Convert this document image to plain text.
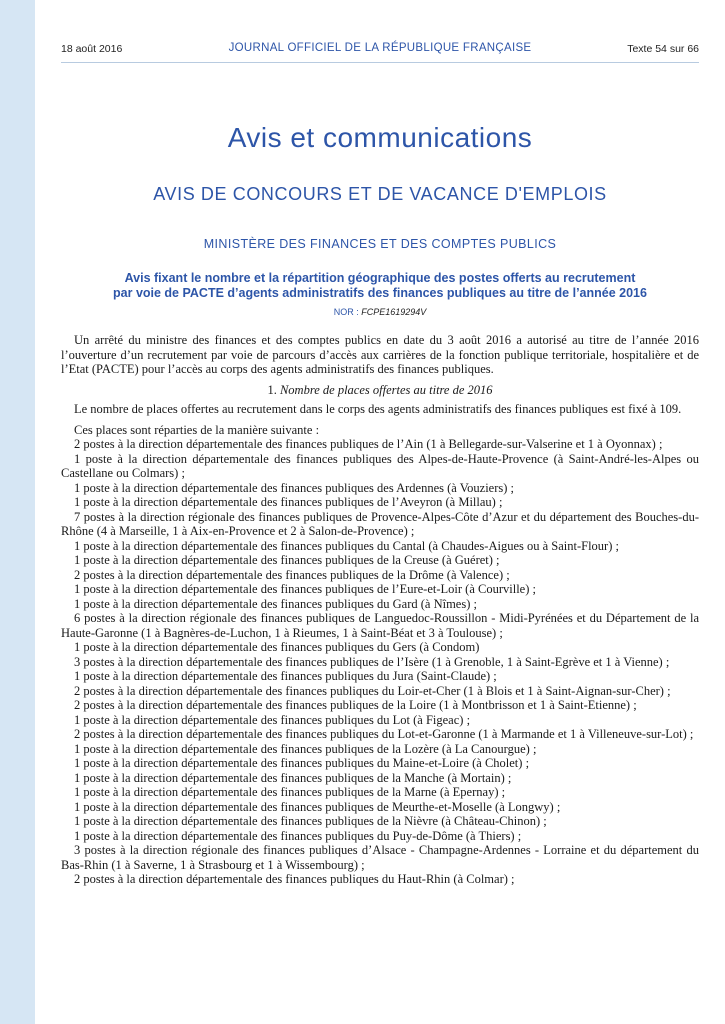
18 août 2016	JOURNAL OFFICIEL DE LA RÉPUBLIQUE FRANÇAISE	Texte 54 sur 66
Avis et communications
AVIS DE CONCOURS ET DE VACANCE D'EMPLOIS
MINISTÈRE DES FINANCES ET DES COMPTES PUBLICS
Avis fixant le nombre et la répartition géographique des postes offerts au recrutement
par voie de PACTE d’agents administratifs des finances publiques au titre de l’année 2016
NOR : FCPE1619294V

Un arrêté du ministre des finances et des comptes publics en date du 3 août 2016 a autorisé au titre de l’année 2016 l’ouverture d’un recrutement par voie de parcours d’accès aux carrières de la fonction publique territoriale, hospitalière et de l’Etat (PACTE) pour l’accès au corps des agents administratifs des finances publiques.

1. Nombre de places offertes au titre de 2016

Le nombre de places offertes au recrutement dans le corps des agents administratifs des finances publiques est fixé à 109.

Ces places sont réparties de la manière suivante :

2 postes à la direction départementale des finances publiques de l’Ain (1 à Bellegarde-sur-Valserine et 1 à Oyonnax) ;

1 poste à la direction départementale des finances publiques des Alpes-de-Haute-Provence (à Saint-André-les-Alpes ou Castellane ou Colmars) ;

1 poste à la direction départementale des finances publiques des Ardennes (à Vouziers) ;

1 poste à la direction départementale des finances publiques de l’Aveyron (à Millau) ;

7 postes à la direction régionale des finances publiques de Provence-Alpes-Côte d’Azur et du département des Bouches-du-Rhône (4 à Marseille, 1 à Aix-en-Provence et 2 à Salon-de-Provence) ;

1 poste à la direction départementale des finances publiques du Cantal (à Chaudes-Aigues ou à Saint-Flour) ;

1 poste à la direction départementale des finances publiques de la Creuse (à Guéret) ;

2 postes à la direction départementale des finances publiques de la Drôme (à Valence) ;

1 poste à la direction départementale des finances publiques de l’Eure-et-Loir (à Courville) ;

1 poste à la direction départementale des finances publiques du Gard (à Nîmes) ;

6 postes à la direction régionale des finances publiques de Languedoc-Roussillon - Midi-Pyrénées et du Département de la Haute-Garonne (1 à Bagnères-de-Luchon, 1 à Rieumes, 1 à Saint-Béat et 3 à Toulouse) ;

1 poste à la direction départementale des finances publiques du Gers (à Condom)

3 postes à la direction départementale des finances publiques de l’Isère (1 à Grenoble, 1 à Saint-Egrève et 1 à Vienne) ;

1 poste à la direction départementale des finances publiques du Jura (Saint-Claude) ;

2 postes à la direction départementale des finances publiques du Loir-et-Cher (1 à Blois et 1 à Saint-Aignan-sur-Cher) ;

2 postes à la direction départementale des finances publiques de la Loire (1 à Montbrisson et 1 à Saint-Etienne) ;

1 poste à la direction départementale des finances publiques du Lot (à Figeac) ;

2 postes à la direction départementale des finances publiques du Lot-et-Garonne (1 à Marmande et 1 à Villeneuve-sur-Lot) ;

1 poste à la direction départementale des finances publiques de la Lozère (à La Canourgue) ;

1 poste à la direction départementale des finances publiques du Maine-et-Loire (à Cholet) ;

1 poste à la direction départementale des finances publiques de la Manche (à Mortain) ;

1 poste à la direction départementale des finances publiques de la Marne (à Epernay) ;

1 poste à la direction départementale des finances publiques de Meurthe-et-Moselle (à Longwy) ;

1 poste à la direction départementale des finances publiques de la Nièvre (à Château-Chinon) ;

1 poste à la direction départementale des finances publiques du Puy-de-Dôme (à Thiers) ;

3 postes à la direction régionale des finances publiques d’Alsace - Champagne-Ardennes - Lorraine et du département du Bas-Rhin (1 à Saverne, 1 à Strasbourg et 1 à Wissembourg) ;

2 postes à la direction départementale des finances publiques du Haut-Rhin (à Colmar) ;
